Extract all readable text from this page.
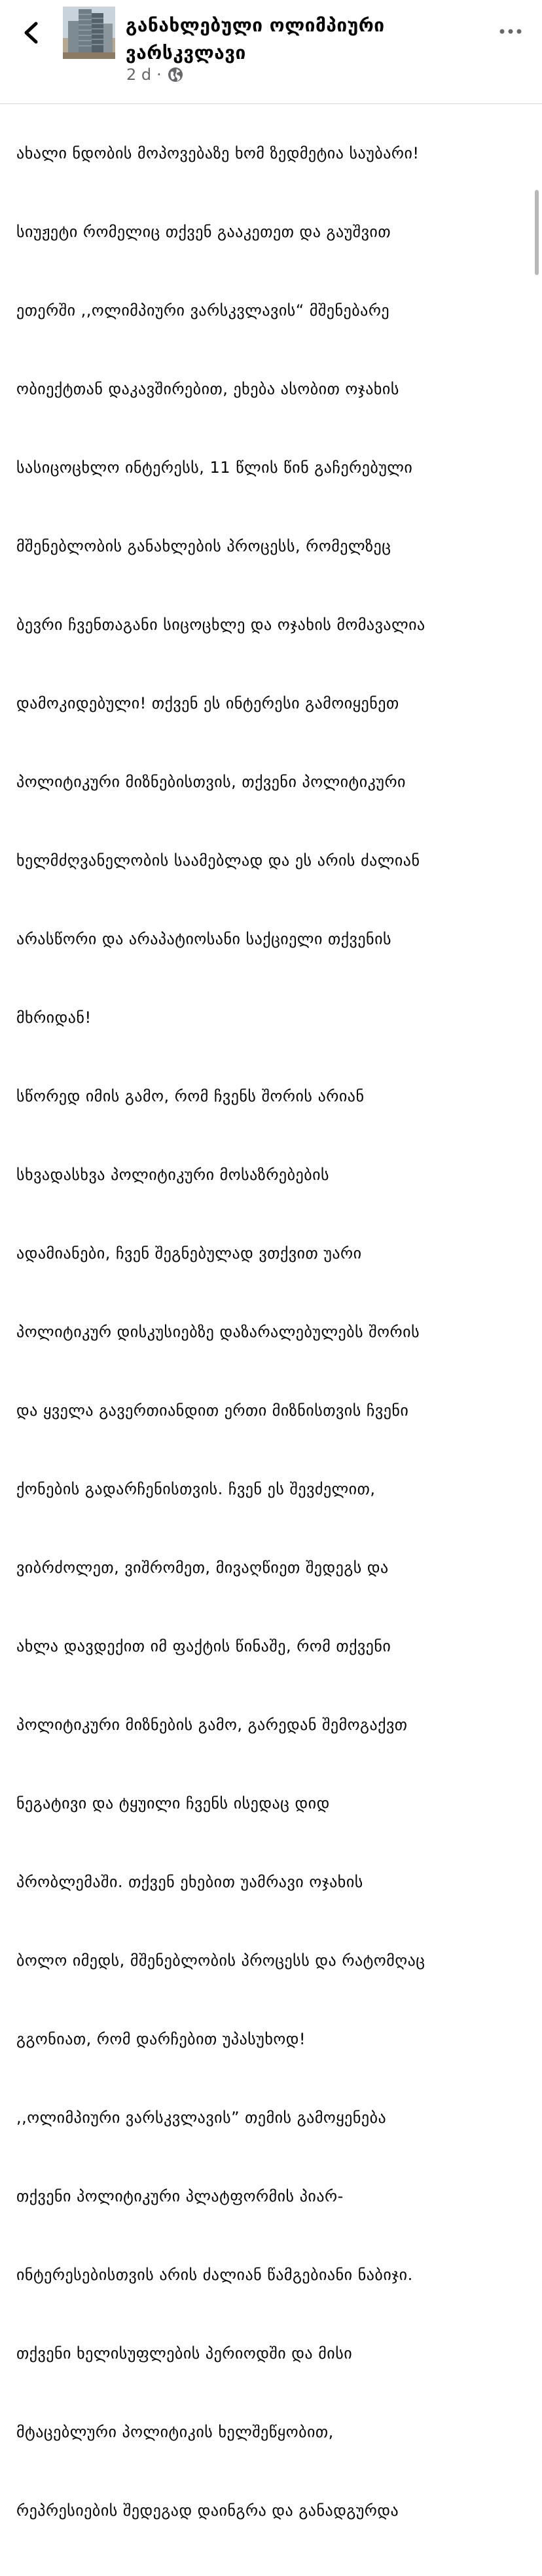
ახალი ნდობის მოპოვებაზე ხომ ზედმეტია საუბარი!

სიუჟეტი რომელიც თქვენ გააკეთეთ და გაუშვით

ეთერში ,,ოლიმპიური ვარსკვლავის“ მშენებარე

ობიექტთან დაკავშირებით, ეხება ასობით ოჯახის

სასიცოცხლო ინტერესს, 11 წლის წინ გაჩერებული

მშენებლობის განახლების პროცესს, რომელზეც

ბევრი ჩვენთაგანი სიცოცხლე და ოჯახის მომავალია

დამოკიდებული! თქვენ ეს ინტერესი გამოიყენეთ

პოლიტიკური მიზნებისთვის, თქვენი პოლიტიკური

ხელმძღვანელობის საამებლად და ეს არის ძალიან

არასწორი და არაპატიოსანი საქციელი თქვენის

მხრიდან!

სწორედ იმის გამო, რომ ჩვენს შორის არიან

სხვადასხვა პოლიტიკური მოსაზრებების

ადამიანები, ჩვენ შეგნებულად ვთქვით უარი

პოლიტიკურ დისკუსიებზე დაზარალებულებს შორის

და ყველა გავერთიანდით ერთი მიზნისთვის ჩვენი

ქონების გადარჩენისთვის. ჩვენ ეს შევძელით,

ვიბრძოლეთ, ვიშრომეთ, მივაღწიეთ შედეგს და

ახლა დავდექით იმ ფაქტის წინაშე, რომ თქვენი

პოლიტიკური მიზნების გამო, გარედან შემოგაქვთ

ნეგატივი და ტყუილი ჩვენს ისედაც დიდ

პრობლემაში. თქვენ ეხებით უამრავი ოჯახის

ბოლო იმედს, მშენებლობის პროცესს და რატომღაც

გგონიათ, რომ დარჩებით უპასუხოდ!

,,ოლიმპიური ვარსკვლავის” თემის გამოყენება

თქვენი პოლიტიკური პლატფორმის პიარ-

ინტერესებისთვის არის ძალიან წამგებიანი ნაბიჯი.

თქვენი ხელისუფლების პერიოდში და მისი

მტაცებლური პოლიტიკის ხელშეწყობით,

რეპრესიების შედეგად დაინგრა და განადგურდა

განახლებული ოლიმპიური
ვარსკვლავი
2 d ·
